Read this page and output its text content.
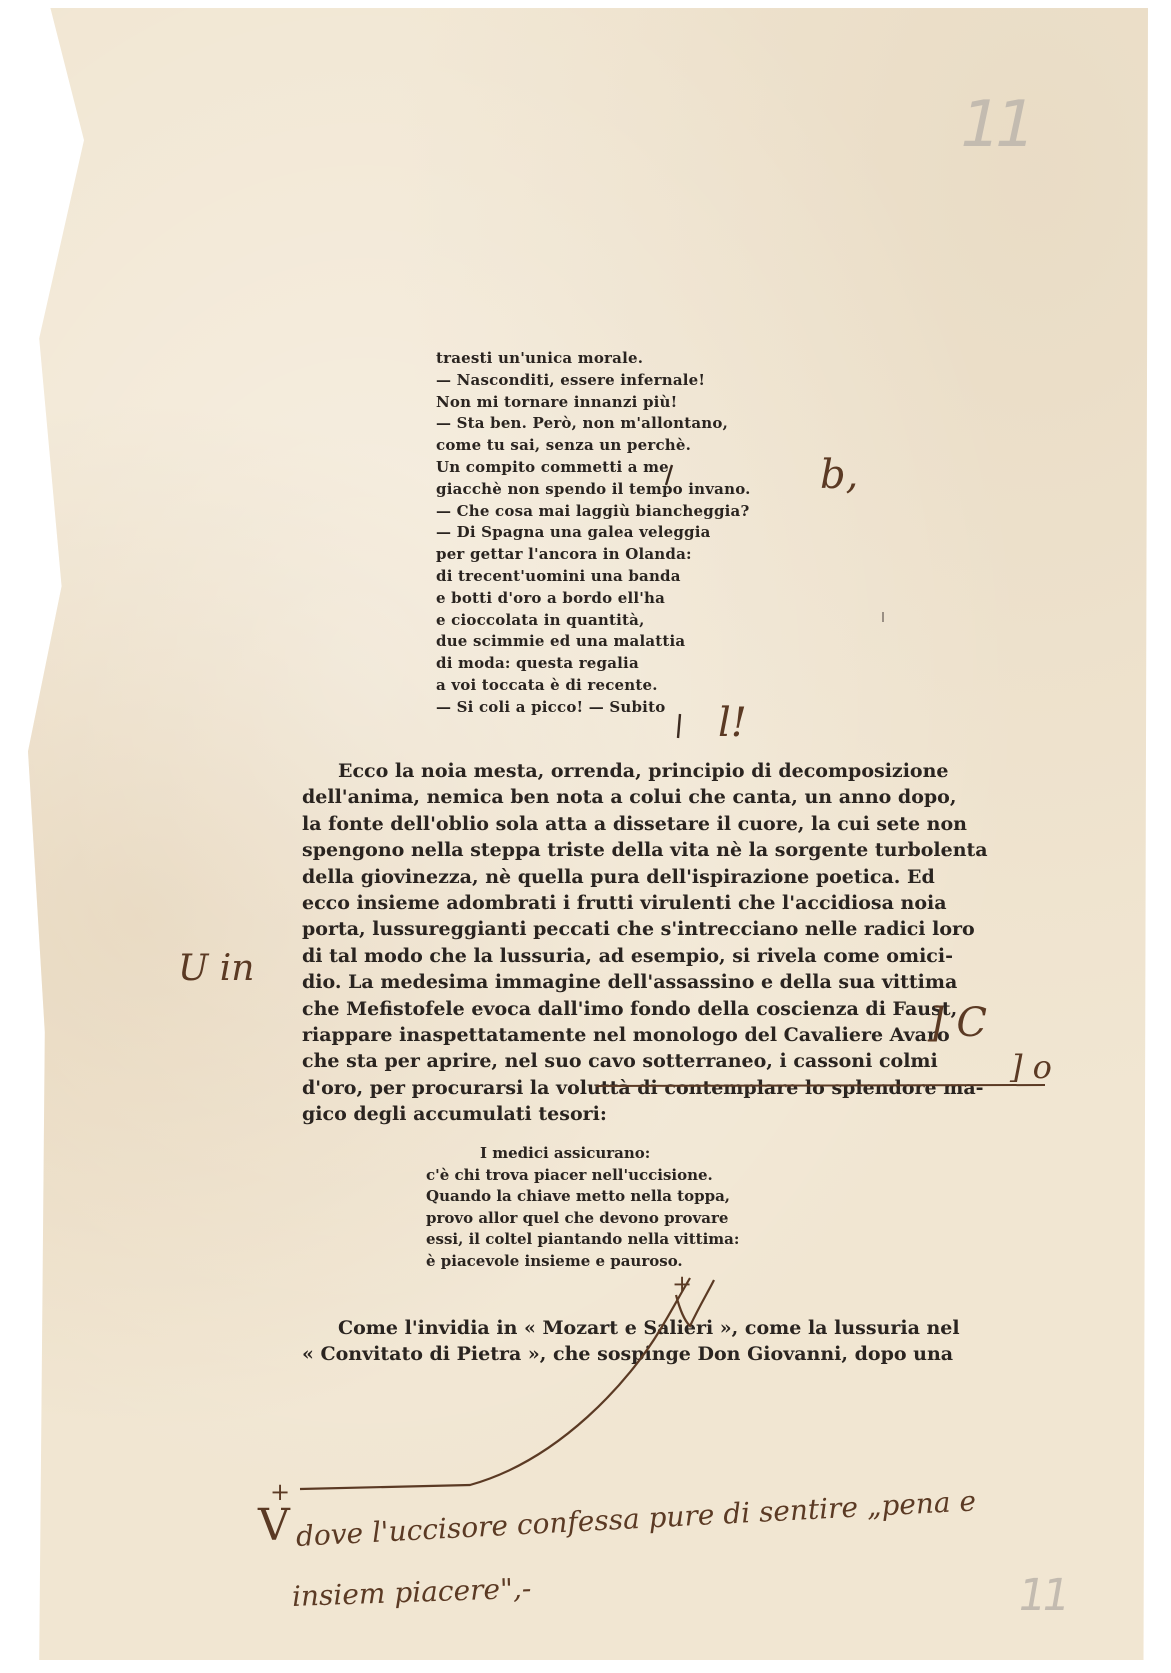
11
traesti un'unica morale.
— Nasconditi, essere infernale!
Non mi tornare innanzi più!
— Sta ben. Però, non m'allontano,
come tu sai, senza un perchè.
Un compito commetti a me
giacchè non spendo il tempo invano.
— Che cosa mai laggiù biancheggia?
— Di Spagna una galea veleggia
per gettar l'ancora in Olanda:
di trecent'uomini una banda
e botti d'oro a bordo ell'ha
e cioccolata in quantità,
due scimmie ed una malattia
di moda: questa regalia
a voi toccata è di recente.
— Si coli a picco! — Subito
b,
l!
Ecco la noia mesta, orrenda, principio di decomposizione
dell'anima, nemica ben nota a colui che canta, un anno dopo,
la fonte dell'oblio sola atta a dissetare il cuore, la cui sete non
spengono nella steppa triste della vita nè la sorgente turbolenta
della giovinezza, nè quella pura dell'ispirazione poetica. Ed
ecco insieme adombrati i frutti virulenti che l'accidiosa noia
porta, lussureggianti peccati che s'intrecciano nelle radici loro
di tal modo che la lussuria, ad esempio, si rivela come omici-
dio. La medesima immagine dell'assassino e della sua vittima
che Mefistofele evoca dall'imo fondo della coscienza di Faust,
riappare inaspettatamente nel monologo del Cavaliere Avaro
che sta per aprire, nel suo cavo sotterraneo, i cassoni colmi
d'oro, per procurarsi la voluttà di contemplare lo splendore ma-
gico degli accumulati tesori:
U in
] C
] o
I medici assicurano:
c'è chi trova piacer nell'uccisione.
Quando la chiave metto nella toppa,
provo allor quel che devono provare
essi, il coltel piantando nella vittima:
è piacevole insieme e pauroso.
Come l'invidia in « Mozart e Salieri », come la lussuria nel
« Convitato di Pietra », che sospinge Don Giovanni, dopo una
+
+
V dove l'uccisore confessa pure di sentire „pena e
insiem piacere",-	11
